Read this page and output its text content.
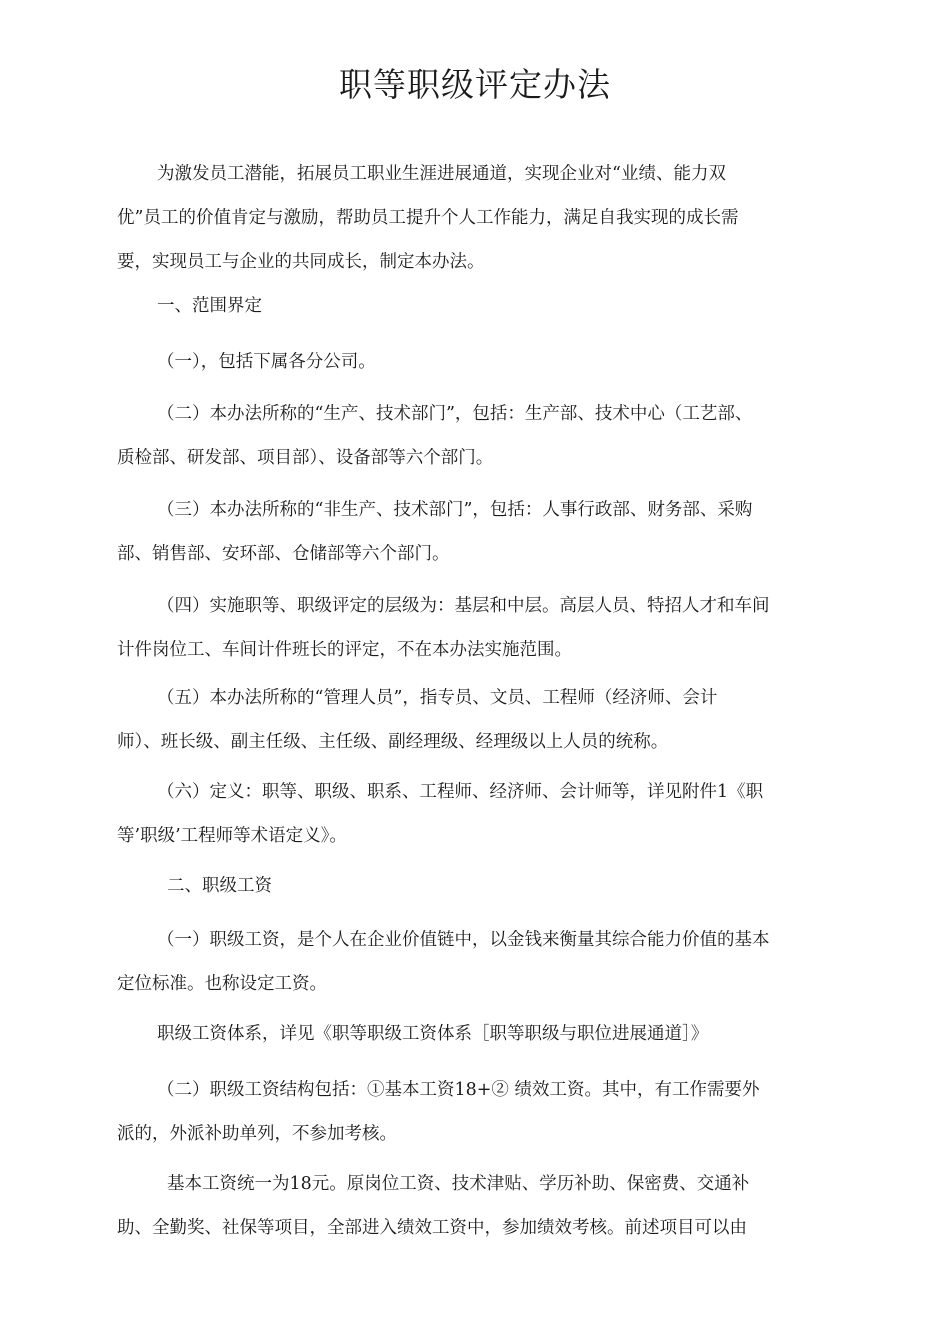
职等职级评定办法
为激发员工潜能，拓展员工职业生涯进展通道，实现企业对“业绩、能力双
优”员工的价值肯定与激励，帮助员工提升个人工作能力，满足自我实现的成长需
要，实现员工与企业的共同成长，制定本办法。
一、范围界定
（一），包括下属各分公司。
（二）本办法所称的“生产、技术部门”，包括：生产部、技术中心（工艺部、
质检部、研发部、项目部）、设备部等六个部门。
（三）本办法所称的“非生产、技术部门”，包括：人事行政部、财务部、采购
部、销售部、安环部、仓储部等六个部门。
（四）实施职等、职级评定的层级为：基层和中层。高层人员、特招人才和车间
计件岗位工、车间计件班长的评定，不在本办法实施范围。
（五）本办法所称的“管理人员”，指专员、文员、工程师（经济师、会计
师）、班长级、副主任级、主任级、副经理级、经理级以上人员的统称。
（六）定义：职等、职级、职系、工程师、经济师、会计师等，详见附件1《职
等’职级’工程师等术语定义》。
二、职级工资
（一）职级工资，是个人在企业价值链中，以金钱来衡量其综合能力价值的基本
定位标准。也称设定工资。
职级工资体系，详见《职等职级工资体系［职等职级与职位进展通道］》
（二）职级工资结构包括：①基本工资18+② 绩效工资。其中，有工作需要外
派的，外派补助单列，不参加考核。
基本工资统一为18元。原岗位工资、技术津贴、学历补助、保密费、交通补
助、全勤奖、社保等项目，全部进入绩效工资中，参加绩效考核。前述项目可以由
